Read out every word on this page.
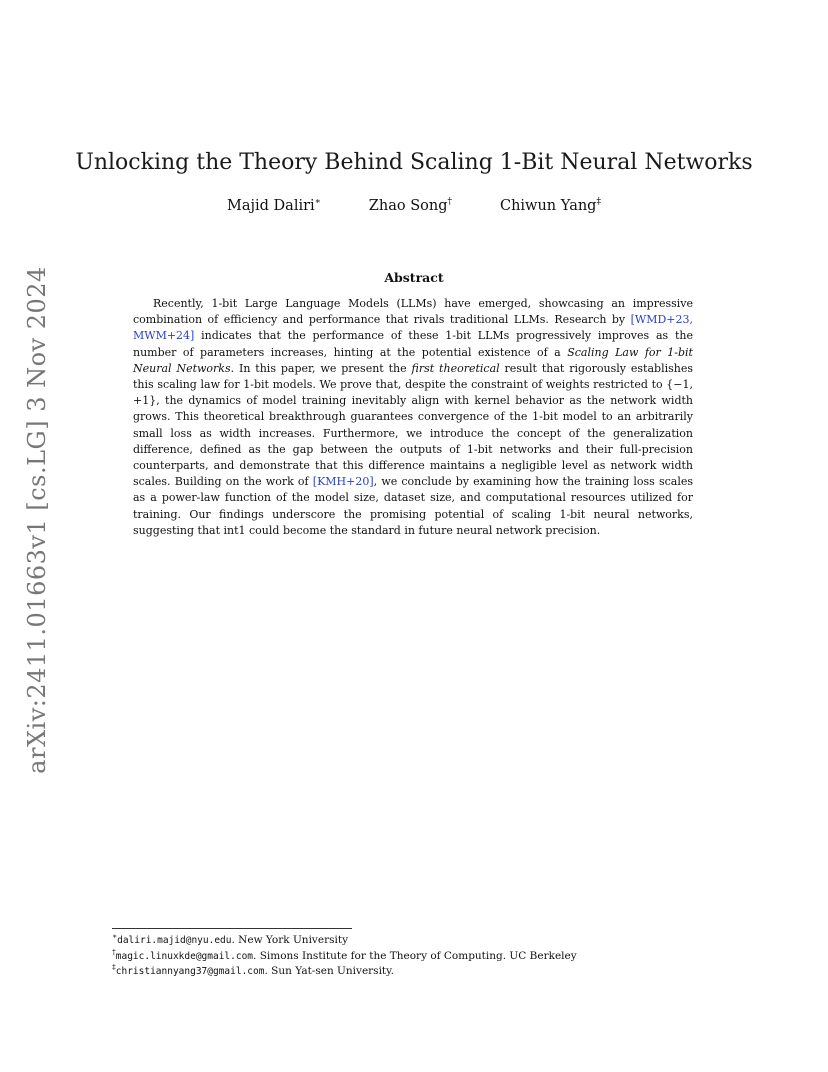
arXiv:2411.01663v1 [cs.LG] 3 Nov 2024
Unlocking the Theory Behind Scaling 1-Bit Neural Networks
Majid Daliri∗	Zhao Song†	Chiwun Yang‡
Abstract

Recently, 1-bit Large Language Models (LLMs) have emerged, showcasing an impressive combination of efficiency and performance that rivals traditional LLMs. Research by [WMD+23, MWM+24] indicates that the performance of these 1-bit LLMs progressively improves as the number of parameters increases, hinting at the potential existence of a Scaling Law for 1-bit Neural Networks. In this paper, we present the first theoretical result that rigorously establishes this scaling law for 1-bit models. We prove that, despite the constraint of weights restricted to {−1, +1}, the dynamics of model training inevitably align with kernel behavior as the network width grows. This theoretical breakthrough guarantees convergence of the 1-bit model to an arbitrarily small loss as width increases. Furthermore, we introduce the concept of the generalization difference, defined as the gap between the outputs of 1-bit networks and their full-precision counterparts, and demonstrate that this difference maintains a negligible level as network width scales. Building on the work of [KMH+20], we conclude by examining how the training loss scales as a power-law function of the model size, dataset size, and computational resources utilized for training. Our findings underscore the promising potential of scaling 1-bit neural networks, suggesting that int1 could become the standard in future neural network precision.

∗daliri.majid@nyu.edu. New York University
†magic.linuxkde@gmail.com. Simons Institute for the Theory of Computing. UC Berkeley
‡christiannyang37@gmail.com. Sun Yat-sen University.
